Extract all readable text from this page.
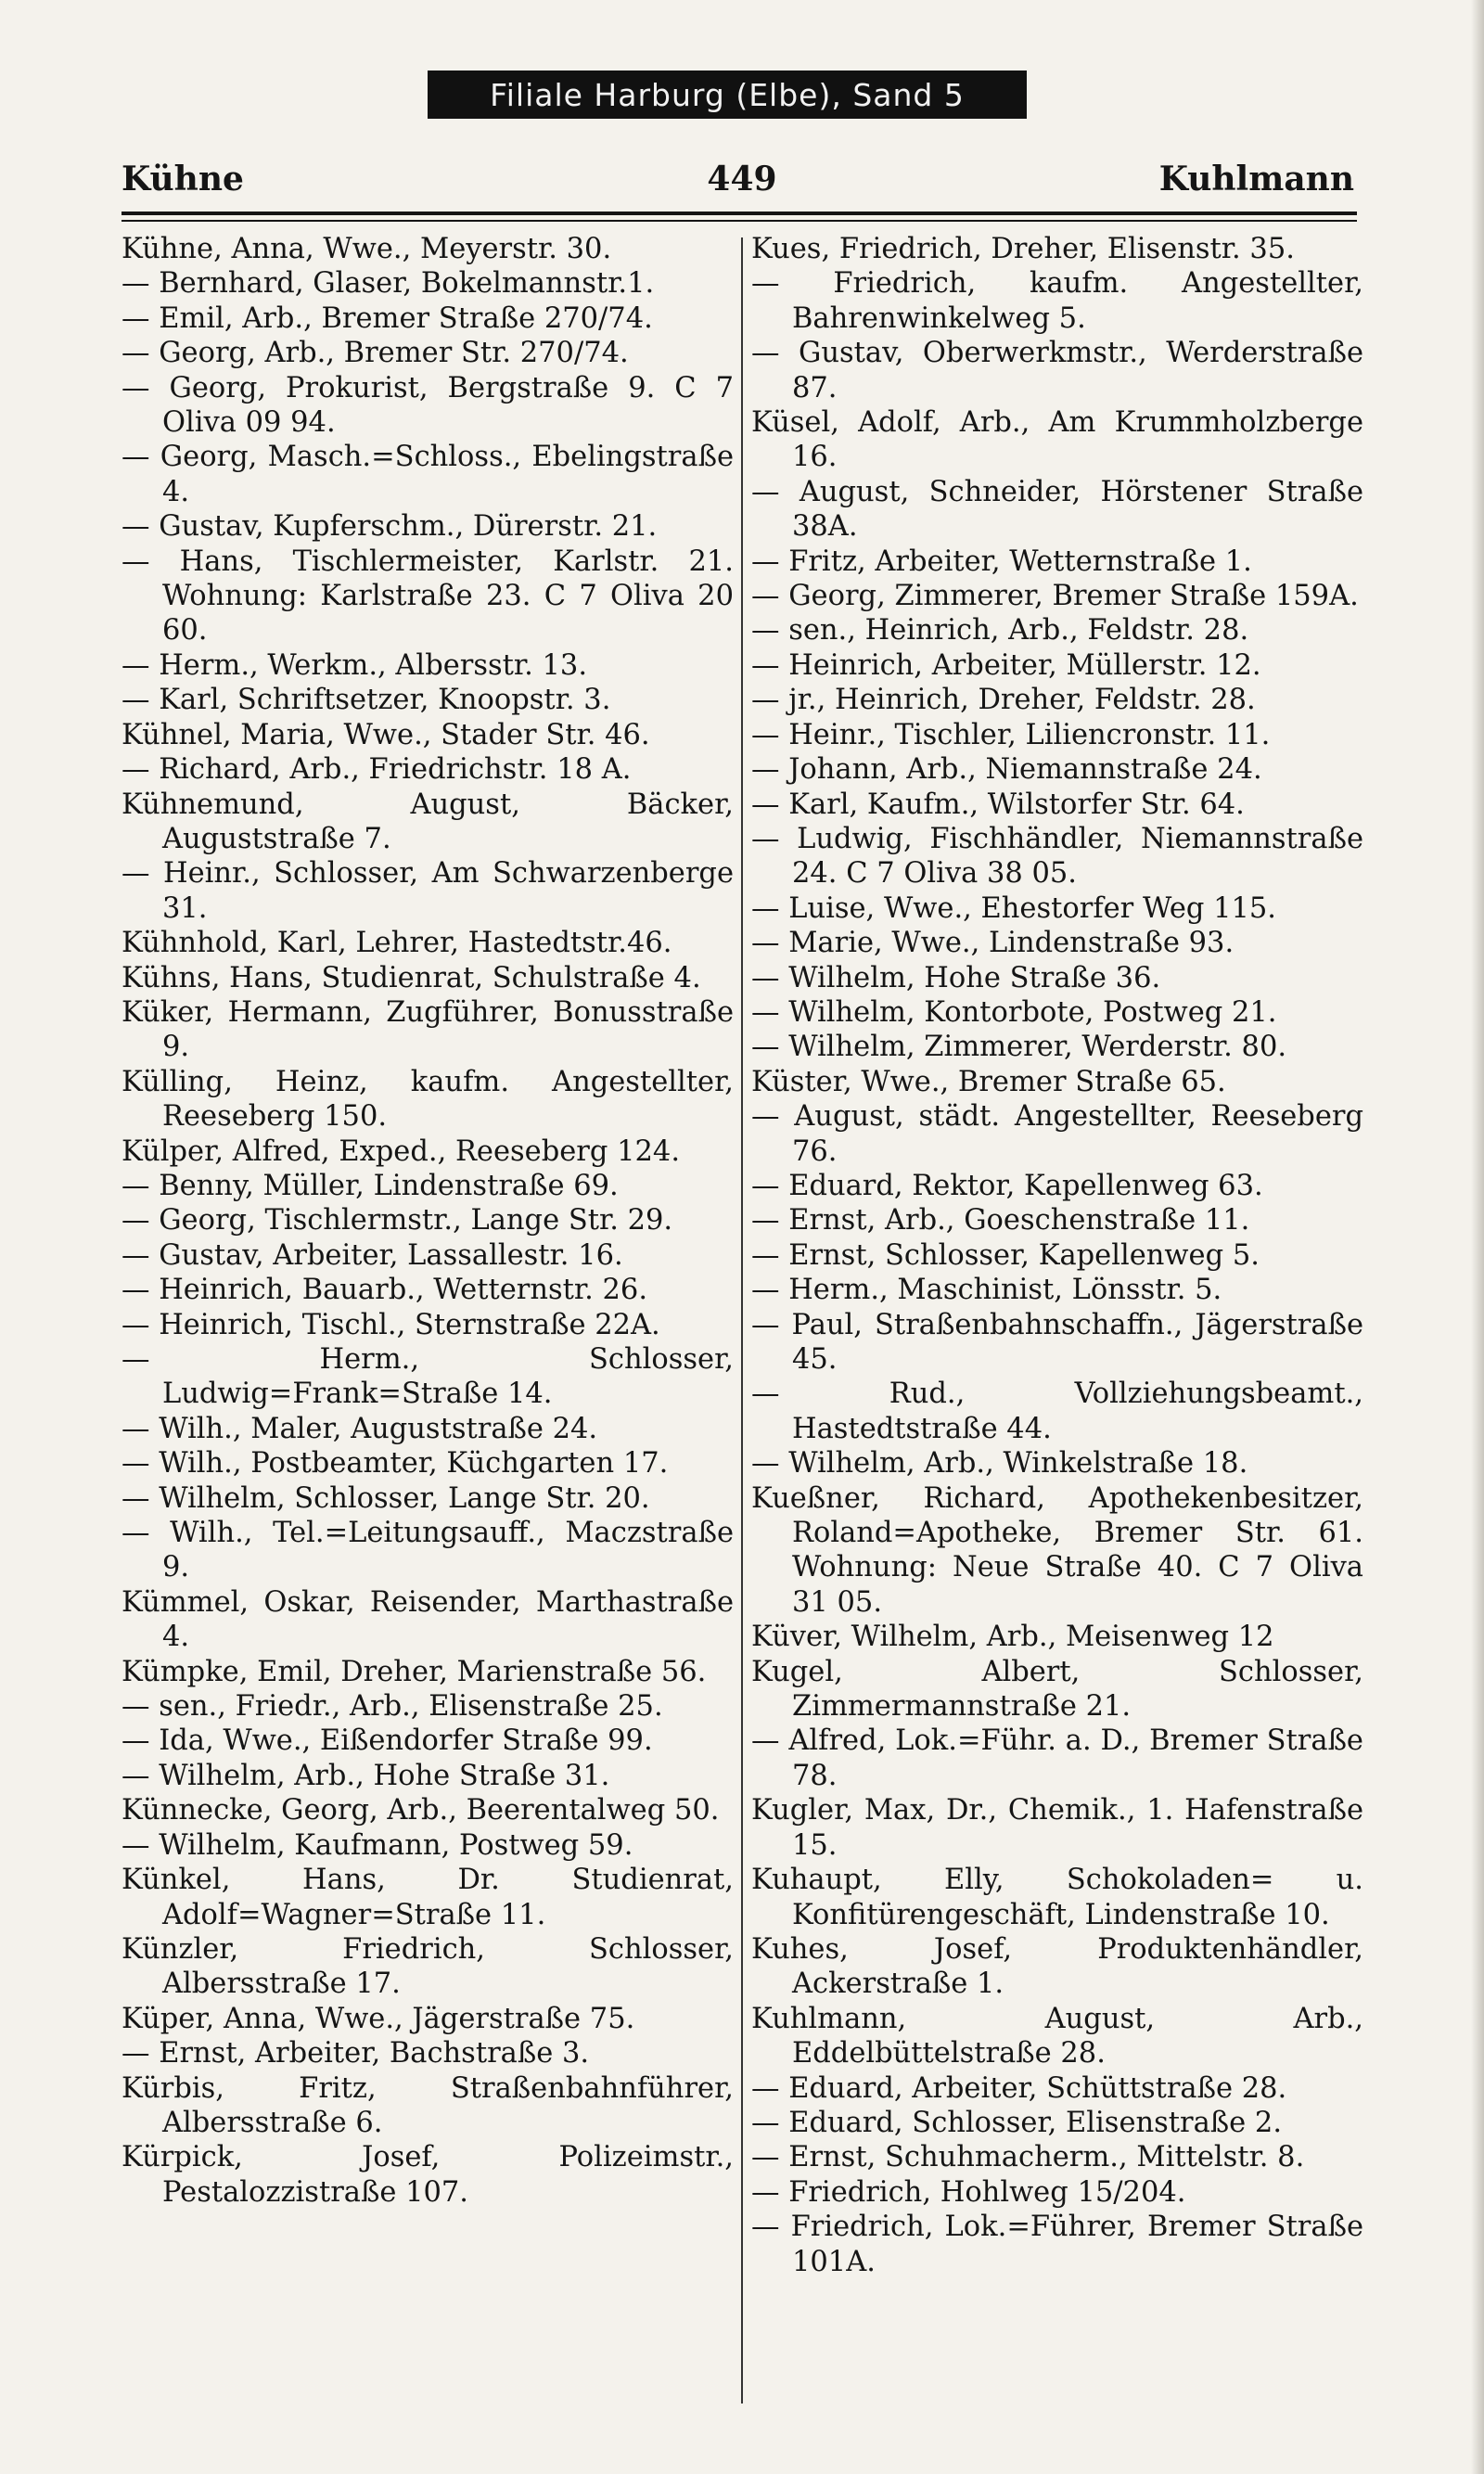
Filiale Harburg (Elbe), Sand 5
Kühne	449	Kuhlmann

Kühne, Anna, Wwe., Meyerstr. 30.

— Bernhard, Glaser, Bokelmannstr.1.

— Emil, Arb., Bremer Straße 270/74.

— Georg, Arb., Bremer Str. 270/74.

— Georg, Prokurist, Bergstraße 9. C 7 Oliva 09 94.

— Georg, Masch.=Schloss., Ebelingstraße 4.

— Gustav, Kupferschm., Dürerstr. 21.

— Hans, Tischlermeister, Karlstr. 21. Wohnung: Karlstraße 23. C 7 Oliva 20 60.

— Herm., Werkm., Albersstr. 13.

— Karl, Schriftsetzer, Knoopstr. 3.

Kühnel, Maria, Wwe., Stader Str. 46.

— Richard, Arb., Friedrichstr. 18 A.

Kühnemund, August, Bäcker, Auguststraße 7.

— Heinr., Schlosser, Am Schwarzenberge 31.

Kühnhold, Karl, Lehrer, Hastedtstr.46.

Kühns, Hans, Studienrat, Schulstraße 4.

Küker, Hermann, Zugführer, Bonusstraße 9.

Külling, Heinz, kaufm. Angestellter, Reeseberg 150.

Külper, Alfred, Exped., Reeseberg 124.

— Benny, Müller, Lindenstraße 69.

— Georg, Tischlermstr., Lange Str. 29.

— Gustav, Arbeiter, Lassallestr. 16.

— Heinrich, Bauarb., Wetternstr. 26.

— Heinrich, Tischl., Sternstraße 22A.

— Herm., Schlosser, Ludwig=Frank=Straße 14.

— Wilh., Maler, Auguststraße 24.

— Wilh., Postbeamter, Küchgarten 17.

— Wilhelm, Schlosser, Lange Str. 20.

— Wilh., Tel.=Leitungsauff., Maczstraße 9.

Kümmel, Oskar, Reisender, Marthastraße 4.

Kümpke, Emil, Dreher, Marienstraße 56.

— sen., Friedr., Arb., Elisenstraße 25.

— Ida, Wwe., Eißendorfer Straße 99.

— Wilhelm, Arb., Hohe Straße 31.

Künnecke, Georg, Arb., Beerentalweg 50.

— Wilhelm, Kaufmann, Postweg 59.

Künkel, Hans, Dr. Studienrat, Adolf=Wagner=Straße 11.

Künzler, Friedrich, Schlosser, Albersstraße 17.

Küper, Anna, Wwe., Jägerstraße 75.

— Ernst, Arbeiter, Bachstraße 3.

Kürbis, Fritz, Straßenbahnführer, Albersstraße 6.

Kürpick, Josef, Polizeimstr., Pestalozzistraße 107.

Kues, Friedrich, Dreher, Elisenstr. 35.

— Friedrich, kaufm. Angestellter, Bahrenwinkelweg 5.

— Gustav, Oberwerkmstr., Werderstraße 87.

Küsel, Adolf, Arb., Am Krummholzberge 16.

— August, Schneider, Hörstener Straße 38A.

— Fritz, Arbeiter, Wetternstraße 1.

— Georg, Zimmerer, Bremer Straße 159A.

— sen., Heinrich, Arb., Feldstr. 28.

— Heinrich, Arbeiter, Müllerstr. 12.

— jr., Heinrich, Dreher, Feldstr. 28.

— Heinr., Tischler, Liliencronstr. 11.

— Johann, Arb., Niemannstraße 24.

— Karl, Kaufm., Wilstorfer Str. 64.

— Ludwig, Fischhändler, Niemannstraße 24. C 7 Oliva 38 05.

— Luise, Wwe., Ehestorfer Weg 115.

— Marie, Wwe., Lindenstraße 93.

— Wilhelm, Hohe Straße 36.

— Wilhelm, Kontorbote, Postweg 21.

— Wilhelm, Zimmerer, Werderstr. 80.

Küster, Wwe., Bremer Straße 65.

— August, städt. Angestellter, Reeseberg 76.

— Eduard, Rektor, Kapellenweg 63.

— Ernst, Arb., Goeschenstraße 11.

— Ernst, Schlosser, Kapellenweg 5.

— Herm., Maschinist, Lönsstr. 5.

— Paul, Straßenbahnschaffn., Jägerstraße 45.

— Rud., Vollziehungsbeamt., Hastedtstraße 44.

— Wilhelm, Arb., Winkelstraße 18.

Kueßner, Richard, Apothekenbesitzer, Roland=Apotheke, Bremer Str. 61. Wohnung: Neue Straße 40. C 7 Oliva 31 05.

Küver, Wilhelm, Arb., Meisenweg 12

Kugel, Albert, Schlosser, Zimmermannstraße 21.

— Alfred, Lok.=Führ. a. D., Bremer Straße 78.

Kugler, Max, Dr., Chemik., 1. Hafenstraße 15.

Kuhaupt, Elly, Schokoladen= u. Konfitürengeschäft, Lindenstraße 10.

Kuhes, Josef, Produktenhändler, Ackerstraße 1.

Kuhlmann, August, Arb., Eddelbüttelstraße 28.

— Eduard, Arbeiter, Schüttstraße 28.

— Eduard, Schlosser, Elisenstraße 2.

— Ernst, Schuhmacherm., Mittelstr. 8.

— Friedrich, Hohlweg 15/204.

— Friedrich, Lok.=Führer, Bremer Straße 101A.
